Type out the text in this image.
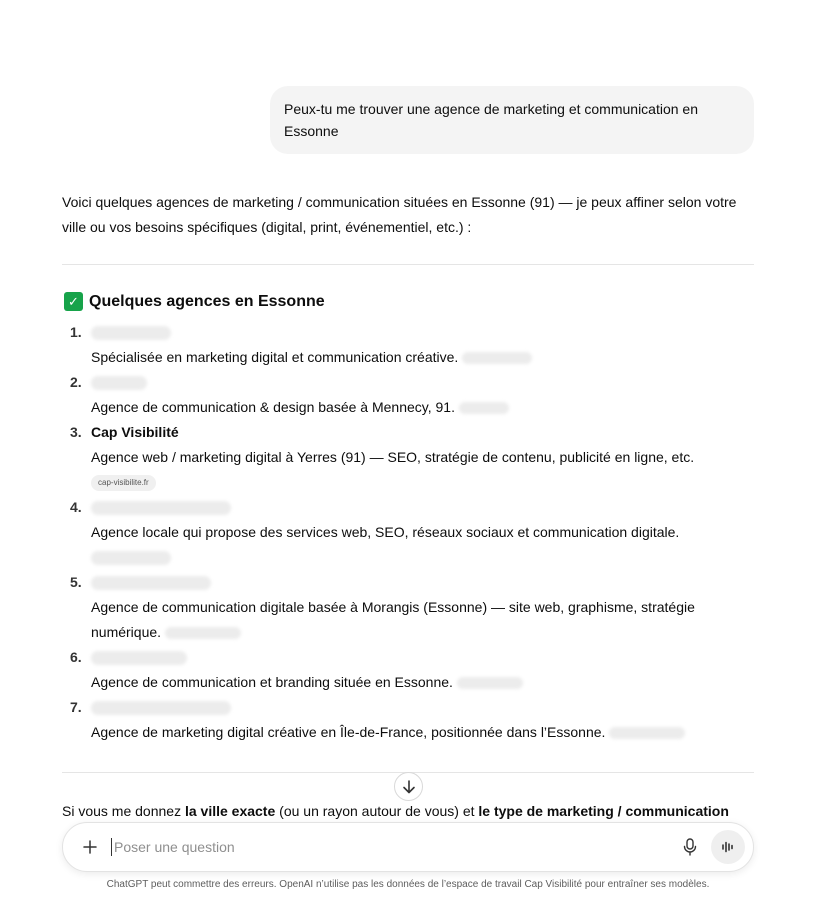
Peux-tu me trouver une agence de marketing et communication en Essonne
Voici quelques agences de marketing / communication situées en Essonne (91) — je peux affiner selon votre ville ou vos besoins spécifiques (digital, print, événementiel, etc.) :
✓ Quelques agences en Essonne
1.
Spécialisée en marketing digital et communication créative.
2.
Agence de communication & design basée à Mennecy, 91.
3. Cap Visibilité
Agence web / marketing digital à Yerres (91) — SEO, stratégie de contenu, publicité en ligne, etc.
cap-visibilite.fr
4.
Agence locale qui propose des services web, SEO, réseaux sociaux et communication digitale.
5.
Agence de communication digitale basée à Morangis (Essonne) — site web, graphisme, stratégie numérique.
6.
Agence de communication et branding située en Essonne.
7.
Agence de marketing digital créative en Île-de-France, positionnée dans l’Essonne.
Si vous me donnez la ville exacte (ou un rayon autour de vous) et le type de marketing / communication
Poser une question
ChatGPT peut commettre des erreurs. OpenAI n’utilise pas les données de l’espace de travail Cap Visibilité pour entraîner ses modèles.
